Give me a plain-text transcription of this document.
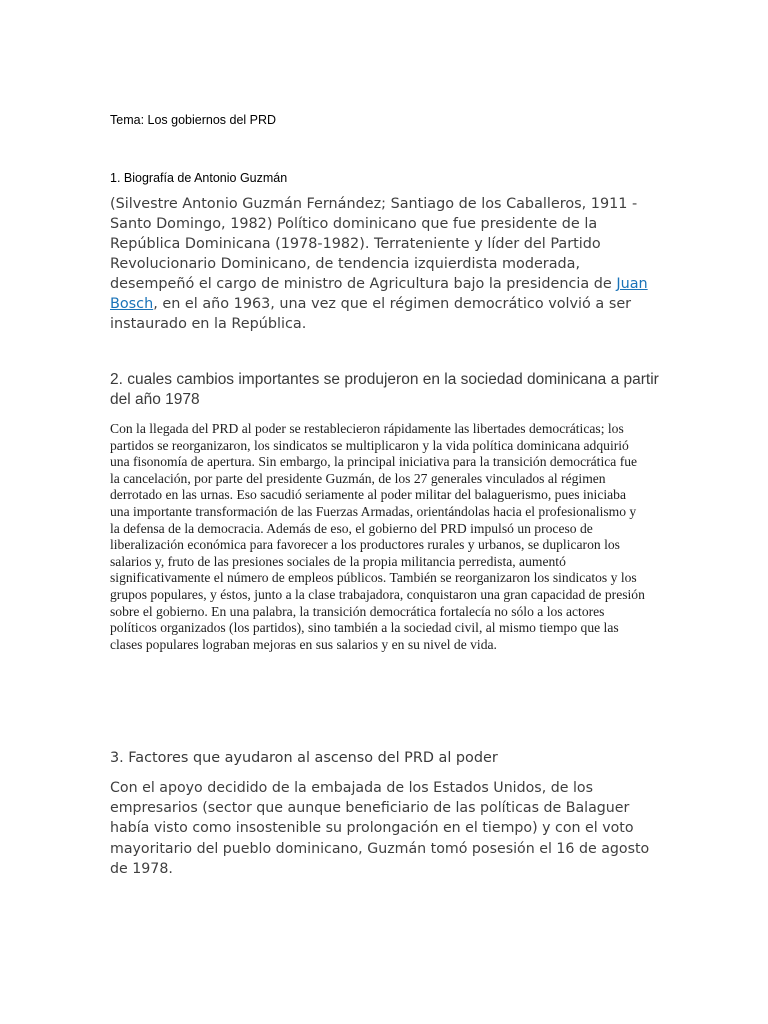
Tema: Los gobiernos del PRD
1. Biografía de Antonio Guzmán

(Silvestre Antonio Guzmán Fernández; Santiago de los Caballeros, 1911 - Santo Domingo, 1982) Político dominicano que fue presidente de la República Dominicana (1978-1982). Terrateniente y líder del Partido Revolucionario Dominicano, de tendencia izquierdista moderada, desempeñó el cargo de ministro de Agricultura bajo la presidencia de Juan Bosch, en el año 1963, una vez que el régimen democrático volvió a ser instaurado en la República.

2. cuales cambios importantes se produjeron en la sociedad dominicana a partir del año 1978

Con la llegada del PRD al poder se restablecieron rápidamente las libertades democráticas; los partidos se reorganizaron, los sindicatos se multiplicaron y la vida política dominicana adquirió una fisonomía de apertura. Sin embargo, la principal iniciativa para la transición democrática fue la cancelación, por parte del presidente Guzmán, de los 27 generales vinculados al régimen derrotado en las urnas. Eso sacudió seriamente al poder militar del balaguerismo, pues iniciaba una importante transformación de las Fuerzas Armadas, orientándolas hacia el profesionalismo y la defensa de la democracia. Además de eso, el gobierno del PRD impulsó un proceso de liberalización económica para favorecer a los productores rurales y urbanos, se duplicaron los salarios y, fruto de las presiones sociales de la propia militancia perredista, aumentó significativamente el número de empleos públicos. También se reorganizaron los sindicatos y los grupos populares, y éstos, junto a la clase trabajadora, conquistaron una gran capacidad de presión sobre el gobierno. En una palabra, la transición democrática fortalecía no sólo a los actores políticos organizados (los partidos), sino también a la sociedad civil, al mismo tiempo que las clases populares lograban mejoras en sus salarios y en su nivel de vida.

3. Factores que ayudaron al ascenso del PRD al poder

Con el apoyo decidido de la embajada de los Estados Unidos, de los empresarios (sector que aunque beneficiario de las políticas de Balaguer había visto como insostenible su prolongación en el tiempo) y con el voto mayoritario del pueblo dominicano, Guzmán tomó posesión el 16 de agosto de 1978.
